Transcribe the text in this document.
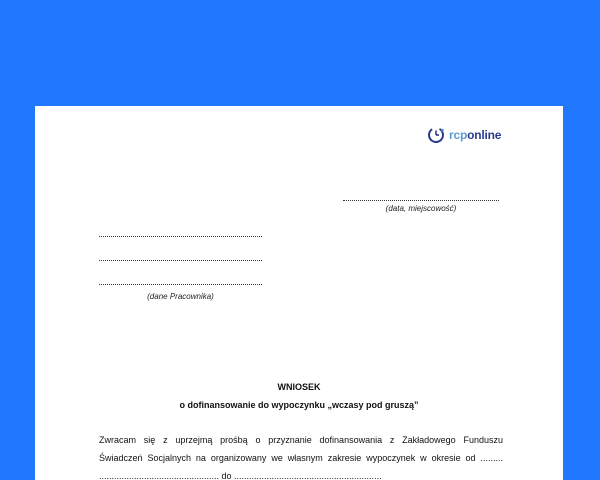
rcponline
(data, miejscowość)
(dane Pracownika)
WNIOSEK
o dofinansowanie do wypoczynku „wczasy pod gruszą”
Zwracam się z uprzejmą prośbą o przyznanie dofinansowania z Zakładowego Funduszu
Świadczeń Socjalnych na organizowany we własnym zakresie wypoczynek w okresie od .........
................................................ do ...........................................................
